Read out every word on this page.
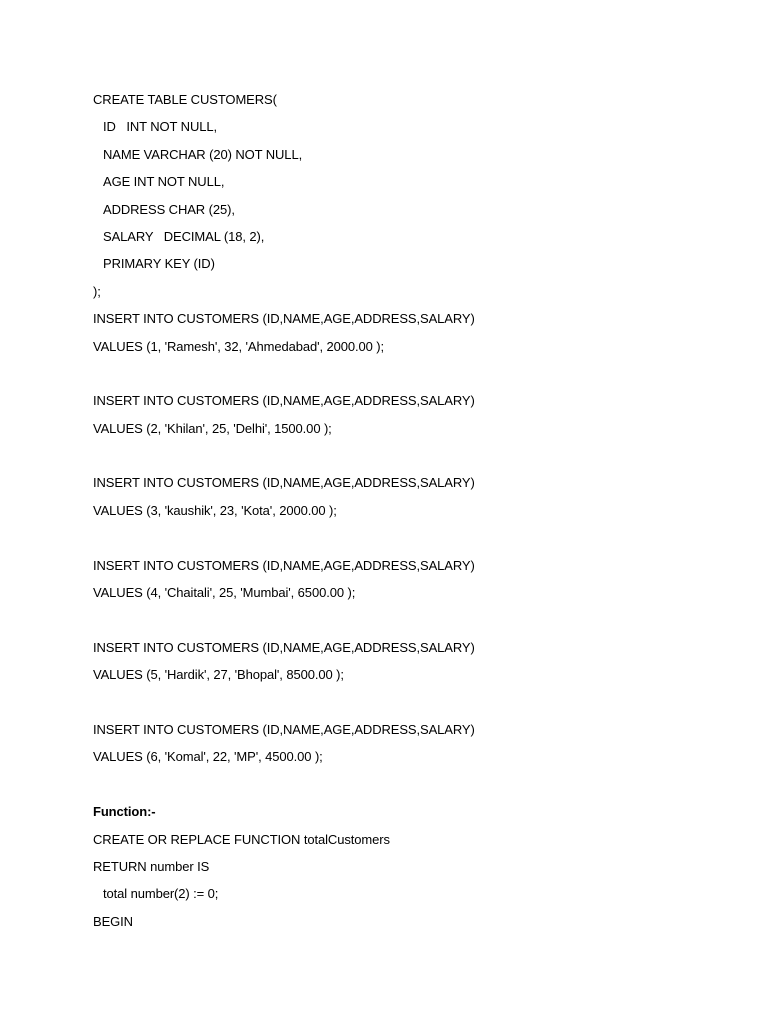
CREATE TABLE CUSTOMERS(
ID   INT NOT NULL,
NAME VARCHAR (20) NOT NULL,
AGE INT NOT NULL,
ADDRESS CHAR (25),
SALARY   DECIMAL (18, 2),
PRIMARY KEY (ID)
);
INSERT INTO CUSTOMERS (ID,NAME,AGE,ADDRESS,SALARY)
VALUES (1, 'Ramesh', 32, 'Ahmedabad', 2000.00 );
INSERT INTO CUSTOMERS (ID,NAME,AGE,ADDRESS,SALARY)
VALUES (2, 'Khilan', 25, 'Delhi', 1500.00 );
INSERT INTO CUSTOMERS (ID,NAME,AGE,ADDRESS,SALARY)
VALUES (3, 'kaushik', 23, 'Kota', 2000.00 );
INSERT INTO CUSTOMERS (ID,NAME,AGE,ADDRESS,SALARY)
VALUES (4, 'Chaitali', 25, 'Mumbai', 6500.00 );
INSERT INTO CUSTOMERS (ID,NAME,AGE,ADDRESS,SALARY)
VALUES (5, 'Hardik', 27, 'Bhopal', 8500.00 );
INSERT INTO CUSTOMERS (ID,NAME,AGE,ADDRESS,SALARY)
VALUES (6, 'Komal', 22, 'MP', 4500.00 );
Function:-
CREATE OR REPLACE FUNCTION totalCustomers
RETURN number IS
total number(2) := 0;
BEGIN
